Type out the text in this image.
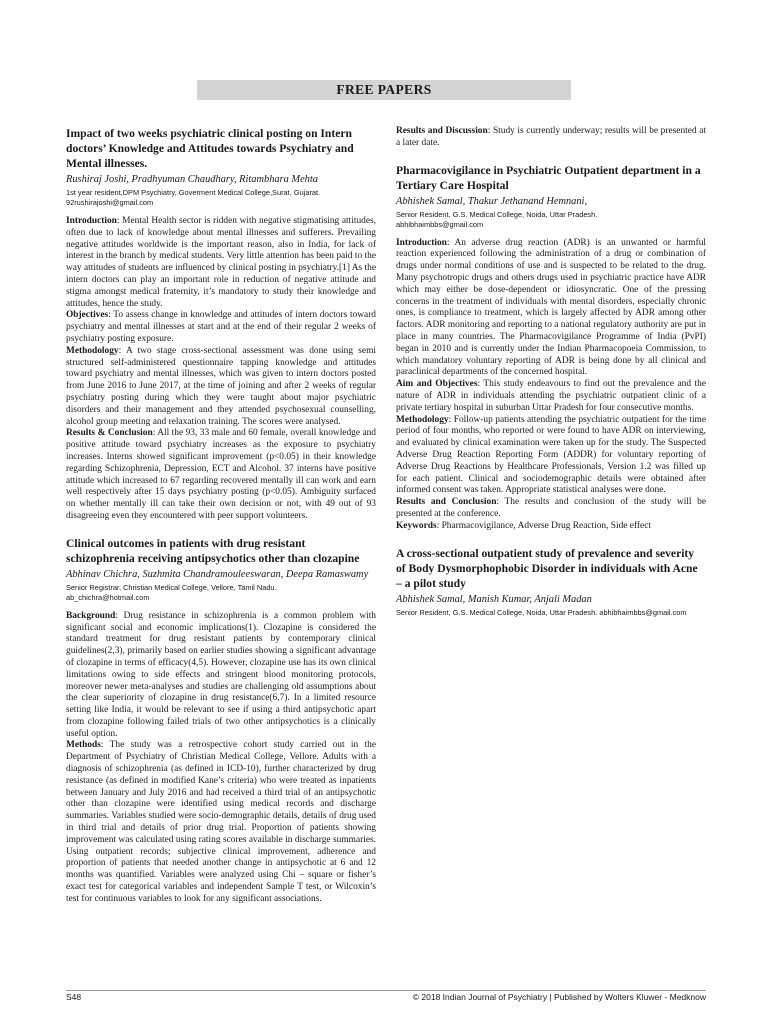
FREE PAPERS
Impact of two weeks psychiatric clinical posting on Intern doctors’ Knowledge and Attitudes towards Psychiatry and Mental illnesses.
Rushiraj Joshi, Pradhyuman Chaudhary, Ritambhara Mehta
1st year resident,DPM Psychiatry, Goverment Medical College,Surat, Gujarat.
92rushirajoshi@gmail.com

Introduction: Mental Health sector is ridden with negative stigmatising attitudes, often due to lack of knowledge about mental illnesses and sufferers. Prevailing negative attitudes worldwide is the important reason, also in India, for lack of interest in the branch by medical students. Very little attention has been paid to the way attitudes of students are influenced by clinical posting in psychiatry.[1] As the intern doctors can play an important role in reduction of negative attitude and stigma amongst medical fraternity, it’s mandatory to study their knowledge and attitudes, hence the study.

Objectives: To assess change in knowledge and attitudes of intern doctors toward psychiatry and mental illnesses at start and at the end of their regular 2 weeks of psychiatry posting exposure.

Methodology: A two stage cross-sectional assessment was done using semi structured self-administered questionnaire tapping knowledge and attitudes toward psychiatry and mental illnesses, which was given to intern doctors posted from June 2016 to June 2017, at the time of joining and after 2 weeks of regular psychiatry posting during which they were taught about major psychiatric disorders and their management and they attended psychosexual counselling, alcohol group meeting and relaxation training. The scores were analysed.

Results & Conclusion: All the 93, 33 male and 60 female, overall knowledge and positive attitude toward psychiatry increases as the exposure to psychiatry increases. Interns showed significant improvement (p<0.05) in their knowledge regarding Schizophrenia, Depression, ECT and Alcohol. 37 interns have positive attitude which increased to 67 regarding recovered mentally ill can work and earn well respectively after 15 days psychiatry posting (p<0.05). Ambiguity surfaced on whether mentally ill can take their own decision or not, with 49 out of 93 disagreeing even they encountered with peer support volunteers.

Clinical outcomes in patients with drug resistant schizophrenia receiving antipsychotics other than clozapine
Abhinav Chichra, Suzhmita Chandramouleeswaran, Deepa Ramaswamy
Senior Registrar, Christian Medical College, Vellore, Tamil Nadu.
ab_chichra@hotmail.com

Background: Drug resistance in schizophrenia is a common problem with significant social and economic implications(1). Clozapine is considered the standard treatment for drug resistant patients by contemporary clinical guidelines(2,3), primarily based on earlier studies showing a significant advantage of clozapine in terms of efficacy(4,5). However, clozapine use has its own clinical limitations owing to side effects and stringent blood monitoring protocols, moreover newer meta-analyses and studies are challenging old assumptions about the clear superiority of clozapine in drug resistance(6,7). In a limited resource setting like India, it would be relevant to see if using a third antipsychotic apart from clozapine following failed trials of two other antipsychotics is a clinically useful option.

Methods: The study was a retrospective cohort study carried out in the Department of Psychiatry of Christian Medical College, Vellore. Adults with a diagnosis of schizophrenia (as defined in ICD-10), further characterized by drug resistance (as defined in modified Kane’s criteria) who were treated as inpatients between January and July 2016 and had received a third trial of an antipsychotic other than clozapine were identified using medical records and discharge summaries. Variables studied were socio-demographic details, details of drug used in third trial and details of prior drug trial. Proportion of patients showing improvement was calculated using rating scores available in discharge summaries. Using outpatient records; subjective clinical improvement, adherence and proportion of patients that needed another change in antipsychotic at 6 and 12 months was quantified. Variables were analyzed using Chi – square or fisher’s exact test for categorical variables and independent Sample T test, or Wilcoxin’s test for continuous variables to look for any significant associations.

Results and Discussion: Study is currently underway; results will be presented at a later date.

Pharmacovigilance in Psychiatric Outpatient department in a Tertiary Care Hospital
Abhishek Samal, Thakur Jethanand Hemnani,
Senior Resident, G.S. Medical College, Noida, Uttar Pradesh.
abhibhaimbbs@gmail.com

Introduction: An adverse drug reaction (ADR) is an unwanted or harmful reaction experienced following the administration of a drug or combination of drugs under normal conditions of use and is suspected to be related to the drug. Many psychotropic drugs and others drugs used in psychiatric practice have ADR which may either be dose-dependent or idiosyncratic. One of the pressing concerns in the treatment of individuals with mental disorders, especially chronic ones, is compliance to treatment, which is largely affected by ADR among other factors. ADR monitoring and reporting to a national regulatory authority are put in place in many countries. The Pharmacovigilance Programme of India (PvPI) began in 2010 and is currently under the Indian Pharmacopoeia Commission, to which mandatory voluntary reporting of ADR is being done by all clinical and paraclinical departments of the concerned hospital.

Aim and Objectives: This study endeavours to find out the prevalence and the nature of ADR in individuals attending the psychiatric outpatient clinic of a private tertiary hospital in suburban Uttar Pradesh for four consecutive months.

Methodology: Follow-up patients attending the psychiatric outpatient for the time period of four months, who reported or were found to have ADR on interviewing, and evaluated by clinical examination were taken up for the study. The Suspected Adverse Drug Reaction Reporting Form (ADDR) for voluntary reporting of Adverse Drug Reactions by Healthcare Professionals, Version 1.2 was filled up for each patient. Clinical and sociodemographic details were obtained after informed consent was taken. Appropriate statistical analyses were done.

Results and Conclusion: The results and conclusion of the study will be presented at the conference.

Keywords: Pharmacovigilance, Adverse Drug Reaction, Side effect

A cross-sectional outpatient study of prevalence and severity of Body Dysmorphophobic Disorder in individuals with Acne – a pilot study
Abhishek Samal, Manish Kumar, Anjali Madan
Senior Resident, G.S. Medical College, Noida, Uttar Pradesh. abhibhaimbbs@gmail.com
S48	© 2018 Indian Journal of Psychiatry | Published by Wolters Kluwer - Medknow
